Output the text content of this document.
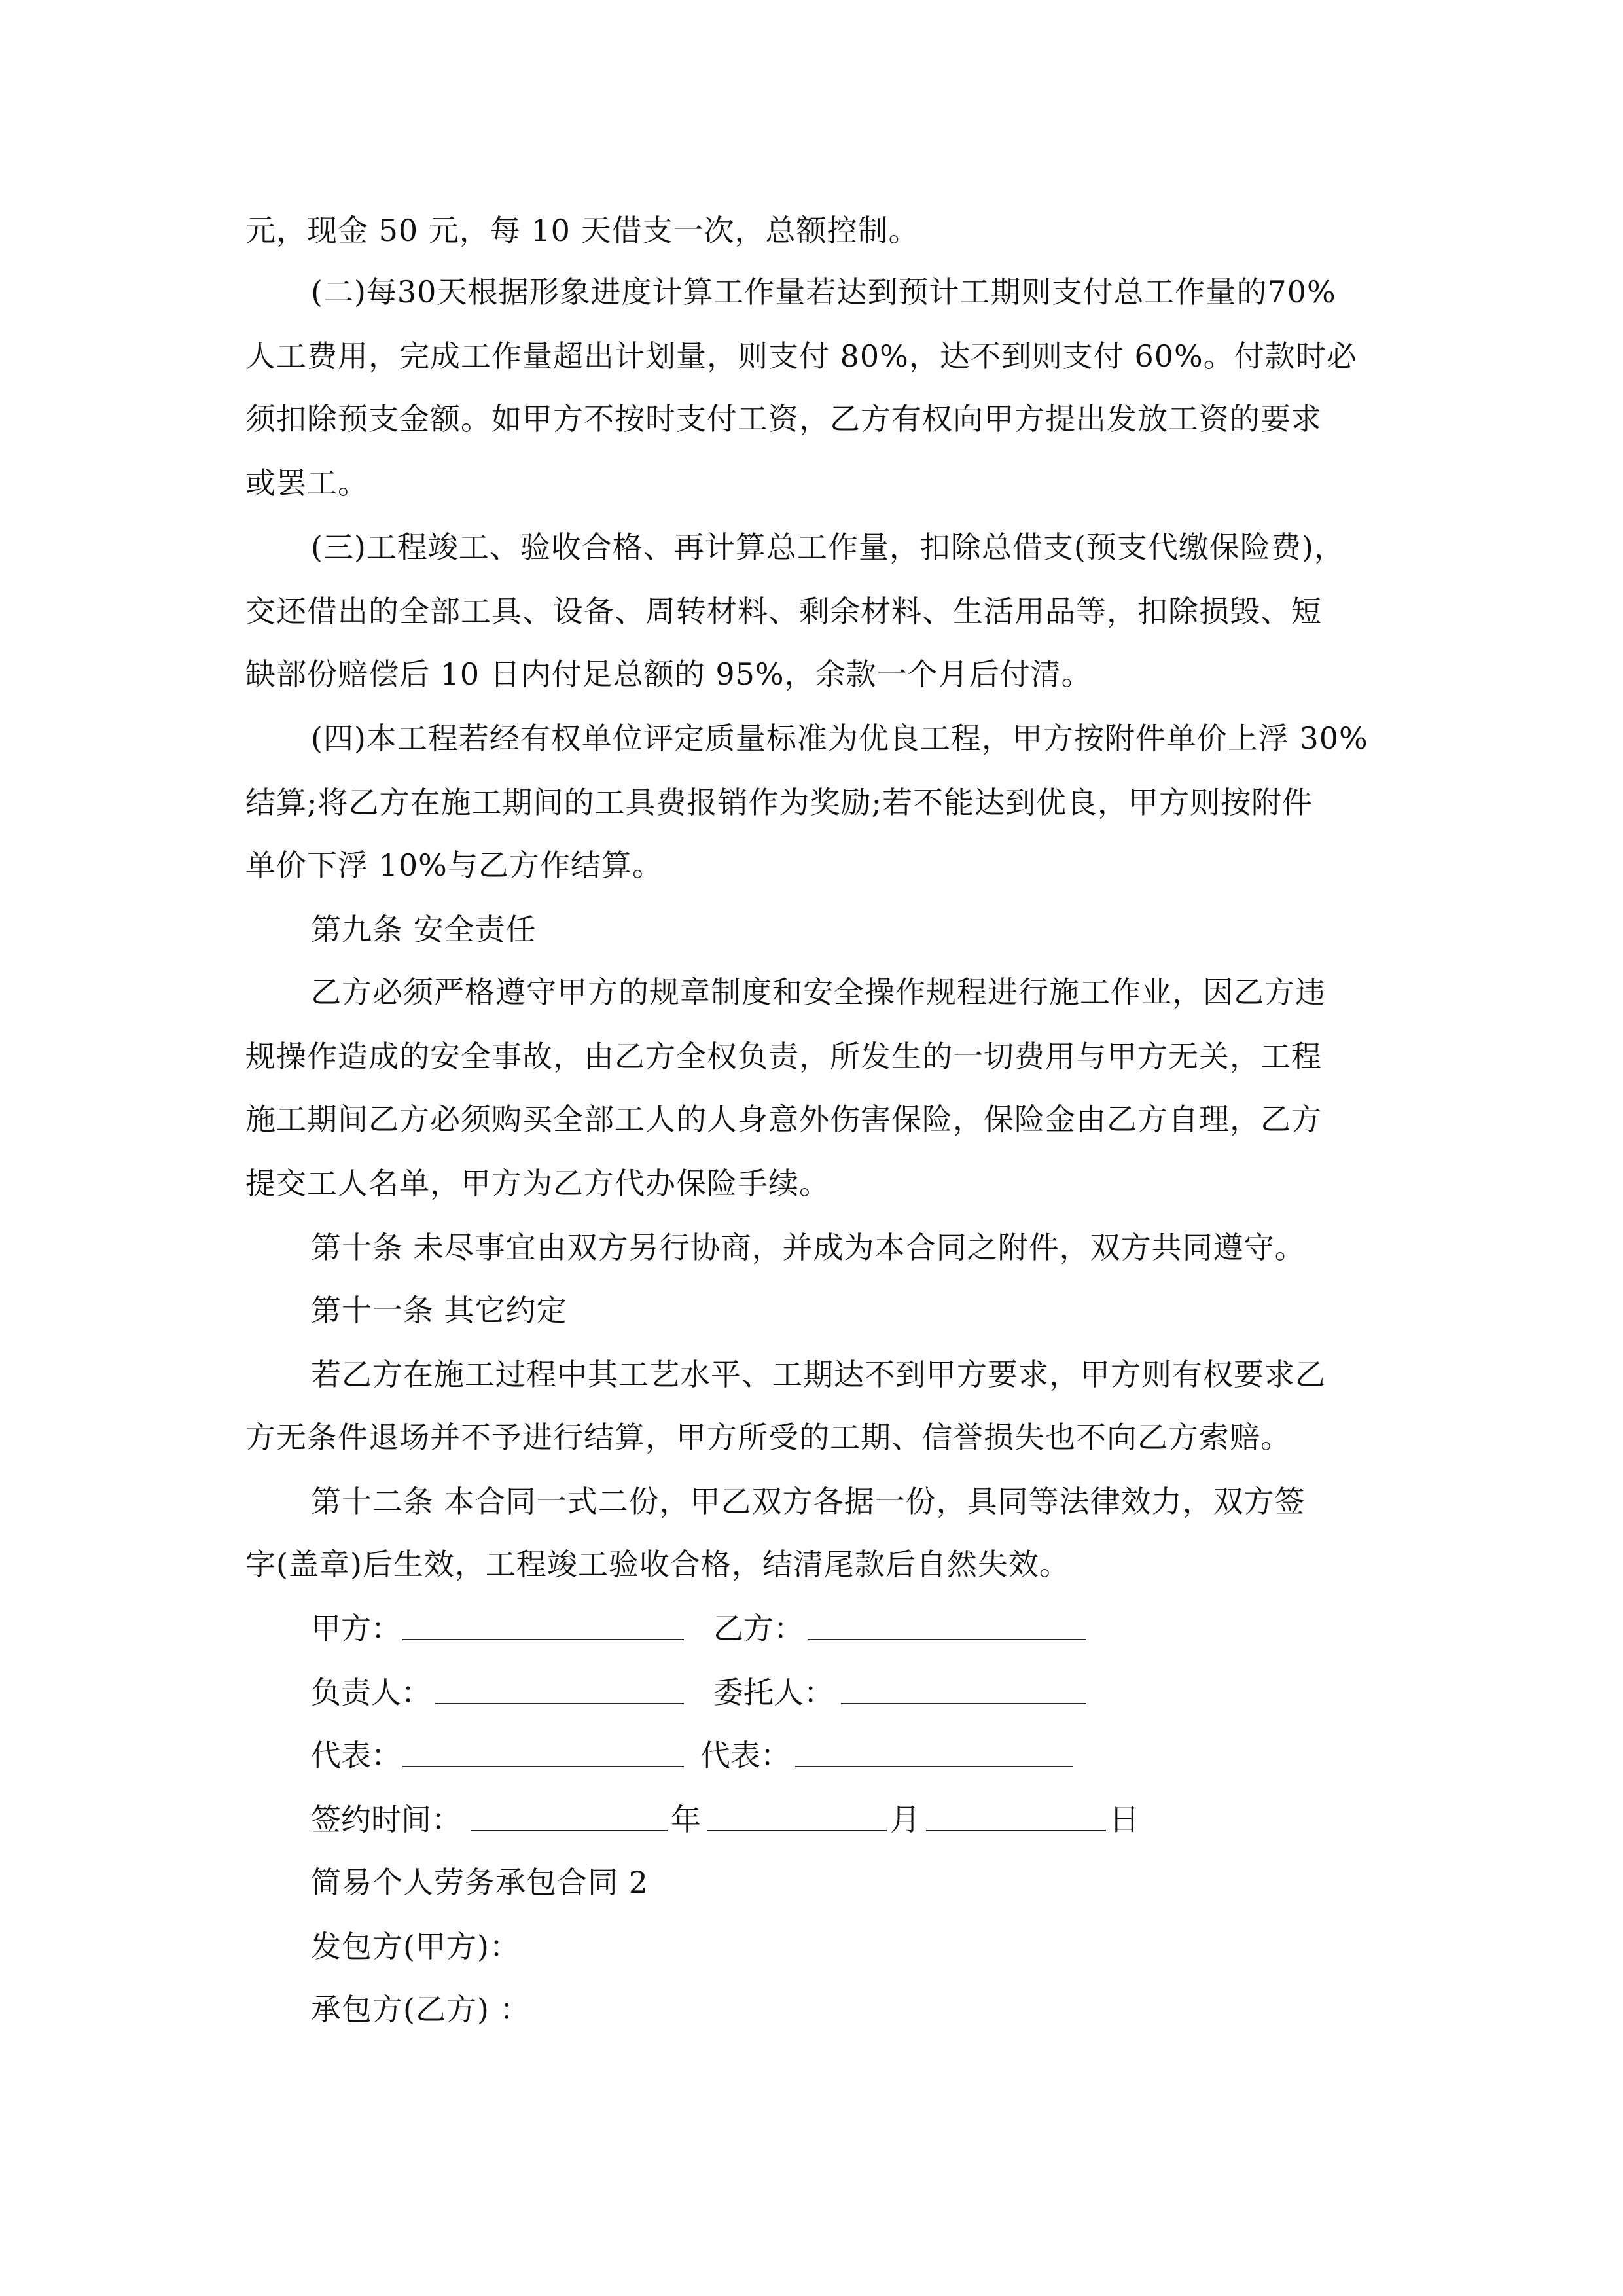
元，现金 50 元，每 10 天借支一次，总额控制。
(二)每30天根据形象进度计算工作量若达到预计工期则支付总工作量的70%
人工费用，完成工作量超出计划量，则支付 80%，达不到则支付 60%。付款时必
须扣除预支金额。如甲方不按时支付工资，乙方有权向甲方提出发放工资的要求
或罢工。
(三)工程竣工、验收合格、再计算总工作量，扣除总借支(预支代缴保险费)，
交还借出的全部工具、设备、周转材料、剩余材料、生活用品等，扣除损毁、短
缺部份赔偿后 10 日内付足总额的 95%，余款一个月后付清。
(四)本工程若经有权单位评定质量标准为优良工程，甲方按附件单价上浮 30%
结算;将乙方在施工期间的工具费报销作为奖励;若不能达到优良，甲方则按附件
单价下浮 10%与乙方作结算。
第九条 安全责任
乙方必须严格遵守甲方的规章制度和安全操作规程进行施工作业，因乙方违
规操作造成的安全事故，由乙方全权负责，所发生的一切费用与甲方无关，工程
施工期间乙方必须购买全部工人的人身意外伤害保险，保险金由乙方自理，乙方
提交工人名单，甲方为乙方代办保险手续。
第十条 未尽事宜由双方另行协商，并成为本合同之附件，双方共同遵守。
第十一条 其它约定
若乙方在施工过程中其工艺水平、工期达不到甲方要求，甲方则有权要求乙
方无条件退场并不予进行结算，甲方所受的工期、信誉损失也不向乙方索赔。
第十二条 本合同一式二份，甲乙双方各据一份，具同等法律效力，双方签
字(盖章)后生效，工程竣工验收合格，结清尾款后自然失效。
甲方：	乙方：
负责人：	委托人：
代表：	代表：
签约时间：	年	月	日
简易个人劳务承包合同 2
发包方(甲方)：
承包方(乙方) ：
